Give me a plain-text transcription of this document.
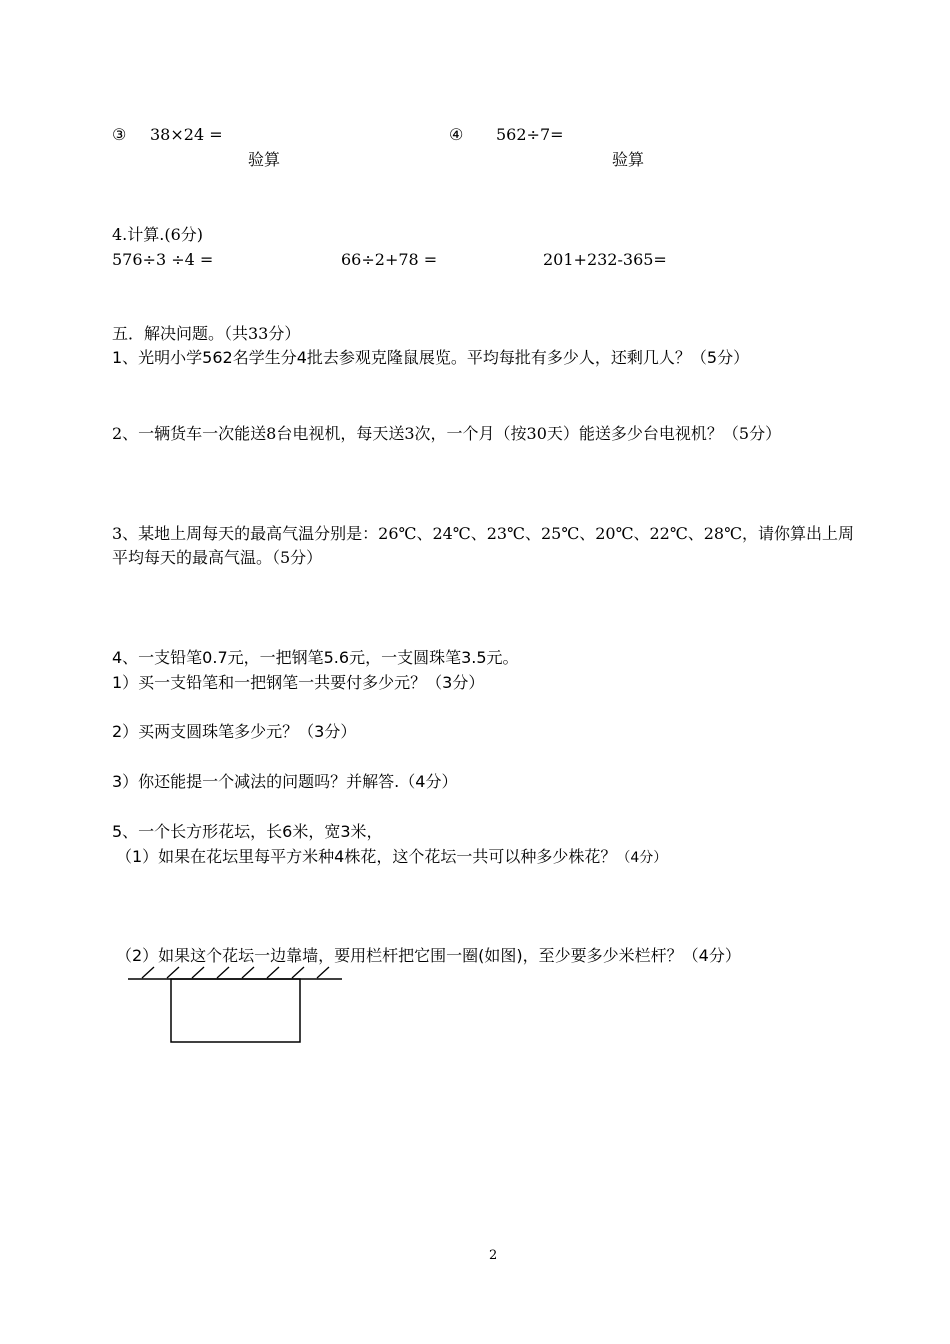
③ 38×24 =
验算
④ 562÷7=
验算
4.计算.(6分)
576÷3 ÷4 =	66÷2+78 =	201+232-365=
五．解决问题。（共33分）
1、光明小学562名学生分4批去参观克隆鼠展览。平均每批有多少人，还剩几人？（5分）
2、一辆货车一次能送8台电视机，每天送3次，一个月（按30天）能送多少台电视机？（5分）
3、某地上周每天的最高气温分别是：26℃、24℃、23℃、25℃、20℃、22℃、28℃，请你算出上周
平均每天的最高气温。（5分）
4、一支铅笔0.7元，一把钢笔5.6元，一支圆珠笔3.5元。
1）买一支铅笔和一把钢笔一共要付多少元？（3分）
2）买两支圆珠笔多少元？（3分）
3）你还能提一个减法的问题吗？并解答.（4分）
5、一个长方形花坛，长6米，宽3米，
（1）如果在花坛里每平方米种4株花，这个花坛一共可以种多少株花？（4分）
（2）如果这个花坛一边靠墙，要用栏杆把它围一圈(如图)，至少要多少米栏杆？（4分）
2
